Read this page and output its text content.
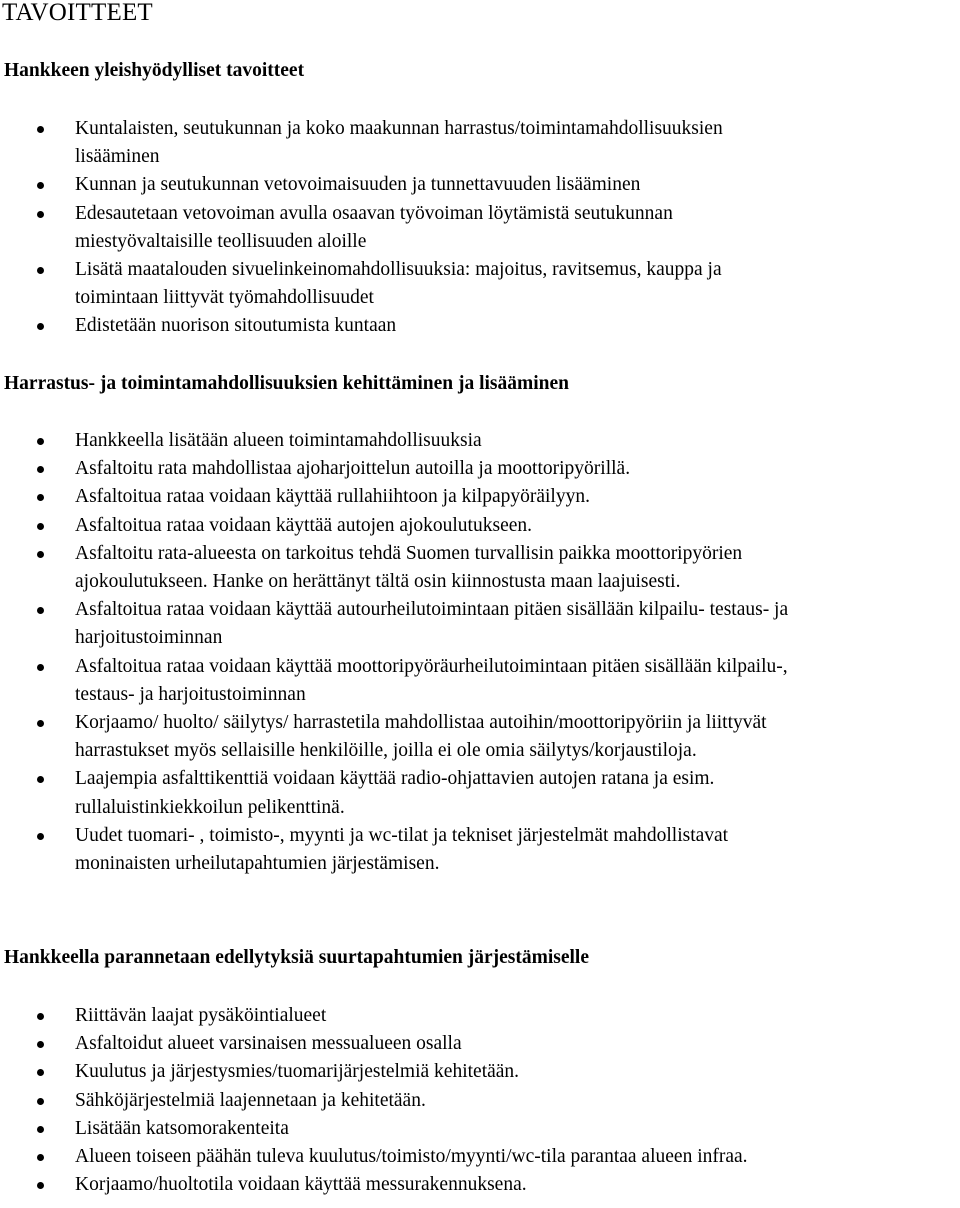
TAVOITTEET
Hankkeen yleishyödylliset tavoitteet
Kuntalaisten, seutukunnan ja koko maakunnan harrastus/toimintamahdollisuuksien
lisääminen
Kunnan ja seutukunnan vetovoimaisuuden ja tunnettavuuden lisääminen
Edesautetaan vetovoiman avulla osaavan työvoiman löytämistä seutukunnan
miestyövaltaisille teollisuuden aloille
Lisätä maatalouden sivuelinkeinomahdollisuuksia: majoitus, ravitsemus, kauppa ja
toimintaan liittyvät työmahdollisuudet
Edistetään nuorison sitoutumista kuntaan
Harrastus- ja toimintamahdollisuuksien kehittäminen ja lisääminen
Hankkeella lisätään alueen toimintamahdollisuuksia
Asfaltoitu rata mahdollistaa ajoharjoittelun autoilla ja moottoripyörillä.
Asfaltoitua rataa voidaan käyttää rullahiihtoon ja kilpapyöräilyyn.
Asfaltoitua rataa voidaan käyttää autojen ajokoulutukseen.
Asfaltoitu rata-alueesta on tarkoitus tehdä Suomen turvallisin paikka moottoripyörien
ajokoulutukseen. Hanke on herättänyt tältä osin kiinnostusta maan laajuisesti.
Asfaltoitua rataa voidaan käyttää autourheilutoimintaan pitäen sisällään kilpailu- testaus- ja
harjoitustoiminnan
Asfaltoitua rataa voidaan käyttää moottoripyöräurheilutoimintaan pitäen sisällään kilpailu-,
testaus- ja harjoitustoiminnan
Korjaamo/ huolto/ säilytys/ harrastetila mahdollistaa autoihin/moottoripyöriin ja liittyvät
harrastukset myös sellaisille henkilöille, joilla ei ole omia säilytys/korjaustiloja.
Laajempia asfalttikenttiä voidaan käyttää radio-ohjattavien autojen ratana ja esim.
rullaluistinkiekkoilun pelikenttinä.
Uudet tuomari- , toimisto-, myynti ja wc-tilat ja tekniset järjestelmät mahdollistavat
moninaisten urheilutapahtumien järjestämisen.
Hankkeella parannetaan edellytyksiä suurtapahtumien järjestämiselle
Riittävän laajat pysäköintialueet
Asfaltoidut alueet varsinaisen messualueen osalla
Kuulutus ja järjestysmies/tuomarijärjestelmiä kehitetään.
Sähköjärjestelmiä laajennetaan ja kehitetään.
Lisätään katsomorakenteita
Alueen toiseen päähän tuleva kuulutus/toimisto/myynti/wc-tila parantaa alueen infraa.
Korjaamo/huoltotila voidaan käyttää messurakennuksena.
